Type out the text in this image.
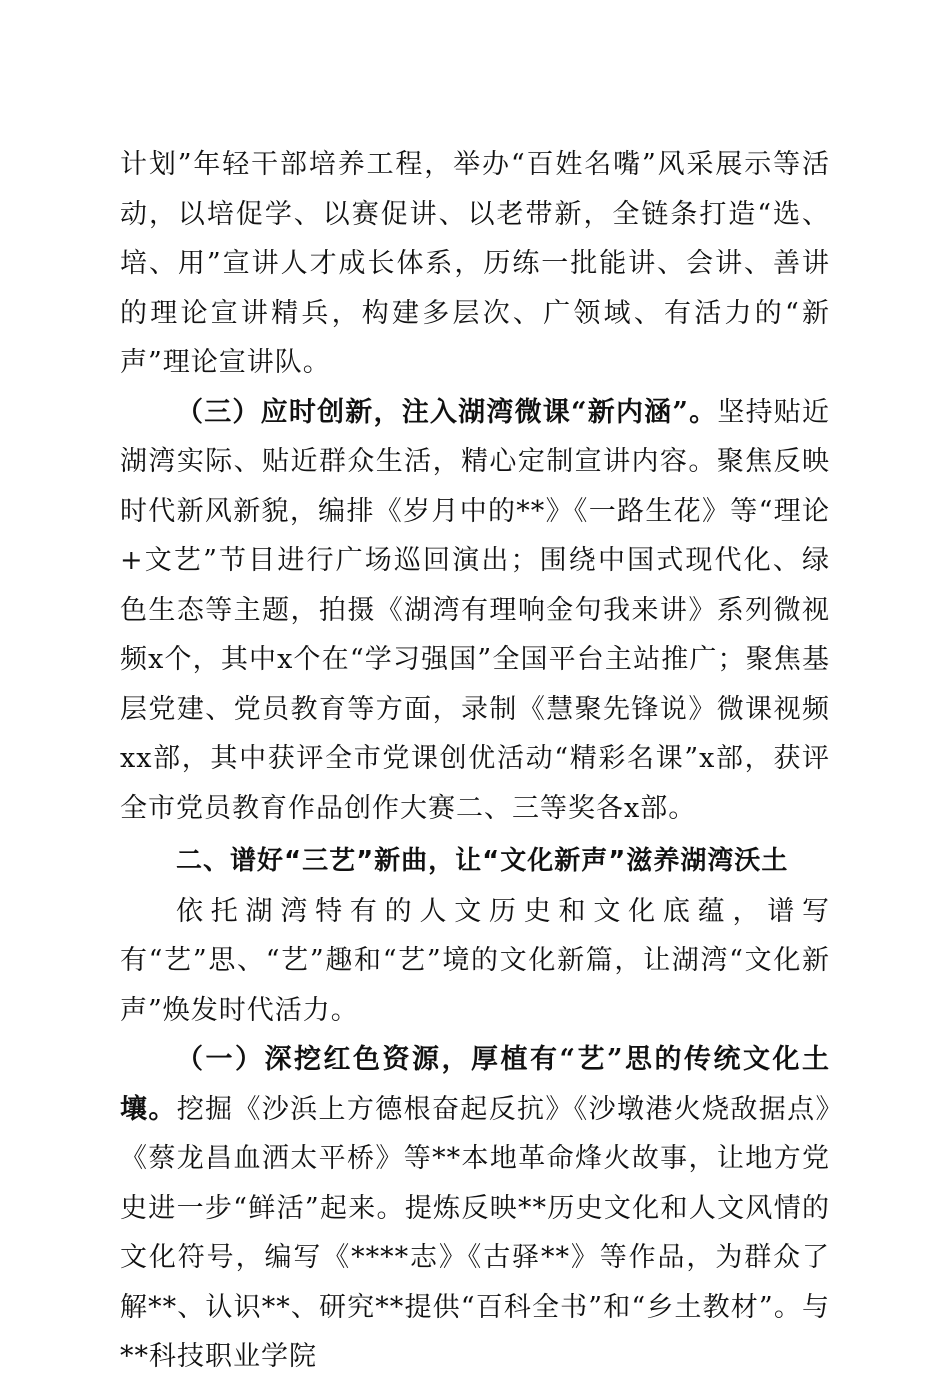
计划”年轻干部培养工程，举办“百姓名嘴”风采展示等活动，以培促学、以赛促讲、以老带新，全链条打造“选、培、用”宣讲人才成长体系，历练一批能讲、会讲、善讲的理论宣讲精兵，构建多层次、广领域、有活力的“新声”理论宣讲队。

（三）应时创新，注入湖湾微课“新内涵”。坚持贴近湖湾实际、贴近群众生活，精心定制宣讲内容。聚焦反映时代新风新貌，编排《岁月中的**》《一路生花》等“理论+文艺”节目进行广场巡回演出；围绕中国式现代化、绿色生态等主题，拍摄《湖湾有理响金句我来讲》系列微视频x个，其中x个在“学习强国”全国平台主站推广；聚焦基层党建、党员教育等方面，录制《慧聚先锋说》微课视频xx部，其中获评全市党课创优活动“精彩名课”x部，获评全市党员教育作品创作大赛二、三等奖各x部。

二、谱好“三艺”新曲，让“文化新声”滋养湖湾沃土

依托湖湾特有的人文历史和文化底蕴，谱写有“艺”思、“艺”趣和“艺”境的文化新篇，让湖湾“文化新声”焕发时代活力。

（一）深挖红色资源，厚植有“艺”思的传统文化土壤。挖掘《沙浜上方德根奋起反抗》《沙墩港火烧敌据点》《蔡龙昌血洒太平桥》等**本地革命烽火故事，让地方党史进一步“鲜活”起来。提炼反映**历史文化和人文风情的文化符号，编写《****志》《古驿**》等作品，为群众了解**、认识**、研究**提供“百科全书”和“乡土教材”。与**科技职业学院
